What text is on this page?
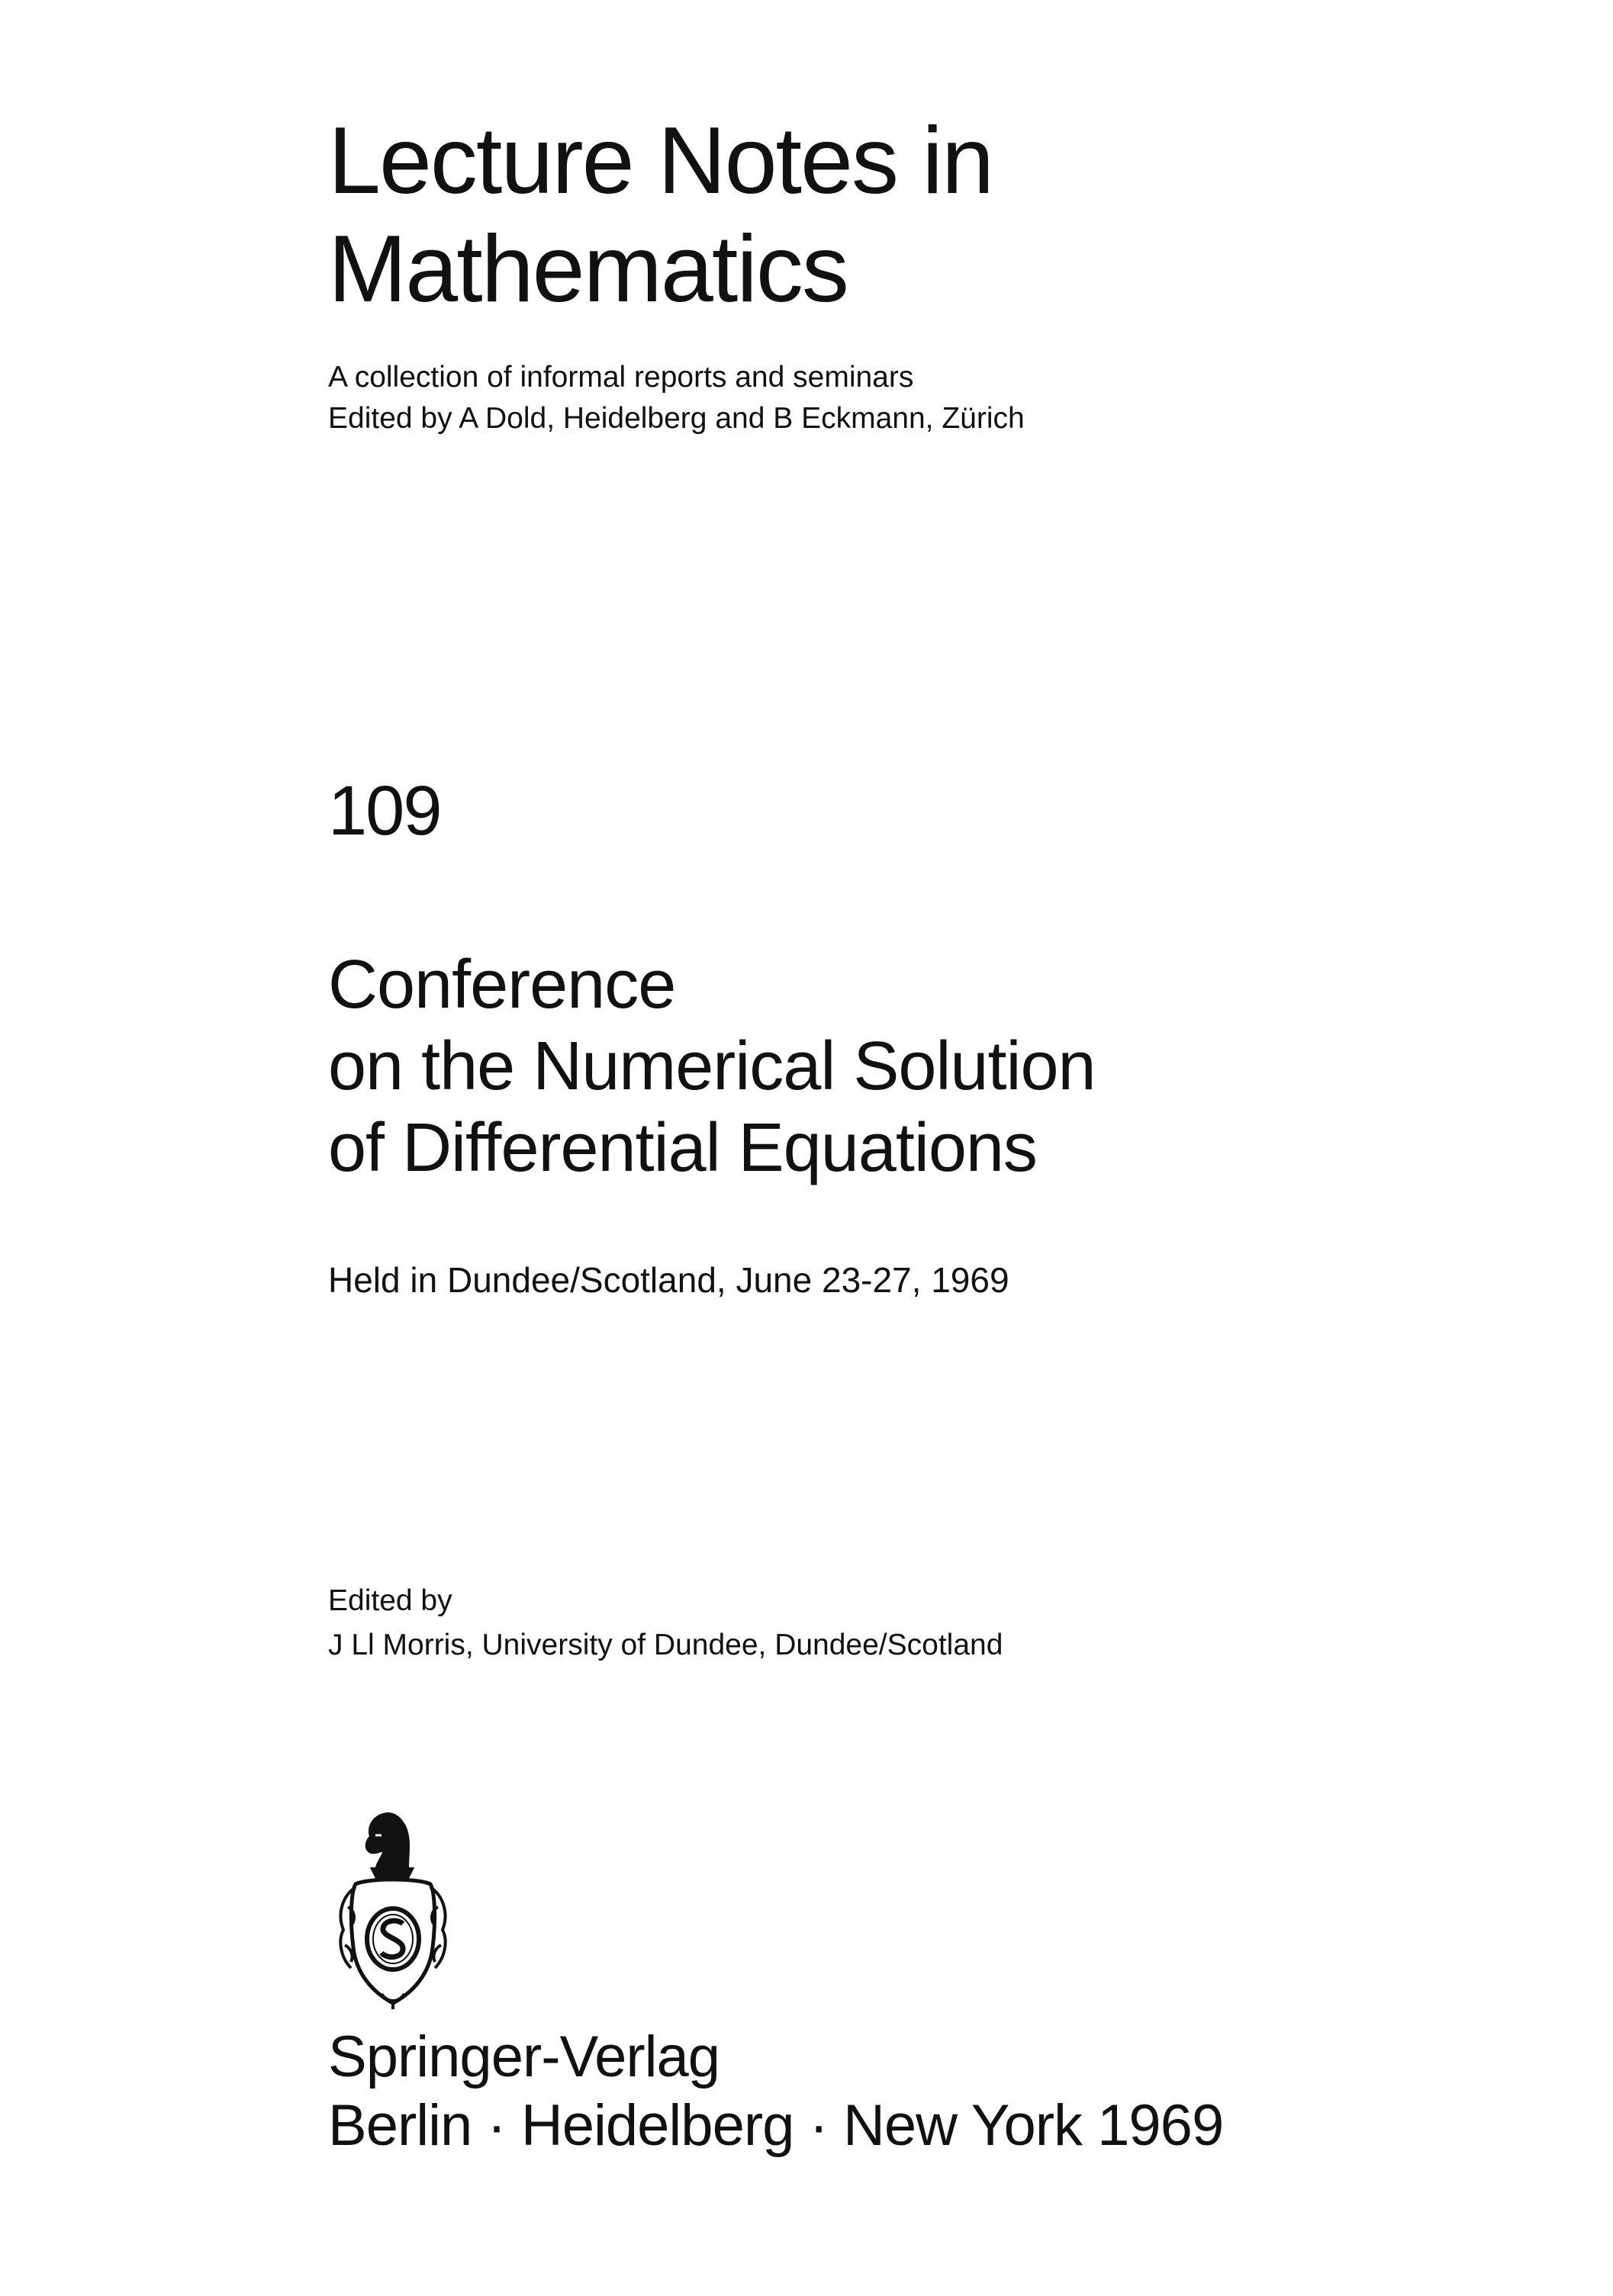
Lecture Notes in
Mathematics
A collection of informal reports and seminars
Edited by A Dold, Heidelberg and B Eckmann, Zürich
109
Conference
on the Numerical Solution
of Differential Equations
Held in Dundee/Scotland, June 23-27, 1969
Edited by
J Ll Morris, University of Dundee, Dundee/Scotland
Springer-Verlag
Berlin · Heidelberg · New York 1969
